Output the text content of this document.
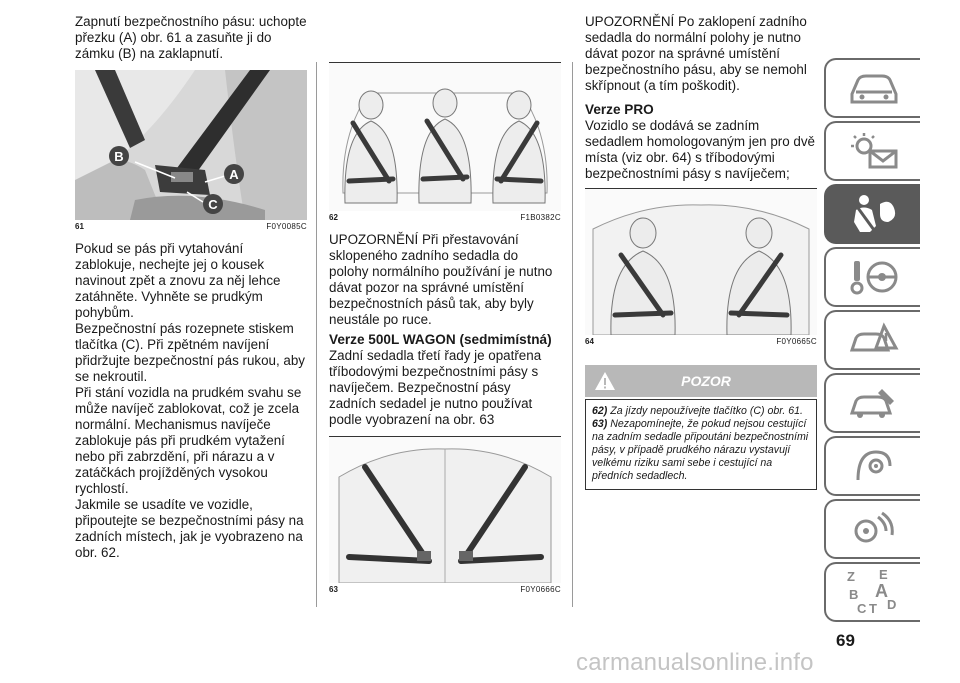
Zapnutí bezpečnostního pásu: uchopte přezku (A) obr. 61 a zasuňte ji do zámku (B) na zaklapnutí.

B
A
C
61	F0Y0085C

Pokud se pás při vytahování zablokuje, nechejte jej o kousek navinout zpět a znovu za něj lehce zatáhněte. Vyhněte se prudkým pohybům.

Bezpečnostní pás rozepnete stiskem tlačítka (C). Při zpětném navíjení přidržujte bezpečnostní pás rukou, aby se nekroutil.

Při stání vozidla na prudkém svahu se může navíječ zablokovat, což je zcela normální. Mechanismus navíječe zablokuje pás při prudkém vytažení nebo při zabrzdění, při nárazu a v zatáčkách projížděných vysokou rychlostí.

Jakmile se usadíte ve vozidle, připoutejte se bezpečnostními pásy na zadních místech, jak je vyobrazeno na obr. 62.

62	F1B0382C

UPOZORNĚNÍ Při přestavování sklopeného zadního sedadla do polohy normálního používání je nutno dávat pozor na správné umístění bezpečnostních pásů tak, aby byly neustále po ruce.

Verze 500L WAGON (sedmimístná)

Zadní sedadla třetí řady je opatřena tříbodovými bezpečnostními pásy s navíječem. Bezpečnostní pásy zadních sedadel je nutno používat podle vyobrazení na obr. 63

63	F0Y0666C

UPOZORNĚNÍ Po zaklopení zadního sedadla do normální polohy je nutno dávat pozor na správné umístění bezpečnostního pásu, aby se nemohl skřípnout (a tím poškodit).

Verze PRO

Vozidlo se dodává se zadním sedadlem homologovaným jen pro dvě místa (viz obr. 64) s tříbodovými bezpečnostními pásy s navíječem;

64	F0Y0665C
POZOR

62) Za jízdy nepoužívejte tlačítko (C) obr. 61.

63) Nezapomínejte, že pokud nejsou cestující na zadním sedadle připoutáni bezpečnostními pásy, v případě prudkého nárazu vystavují velkému riziku sami sebe i cestující na předních sedadlech.

Z E
B A
C T D
69
carmanualsonline.info
